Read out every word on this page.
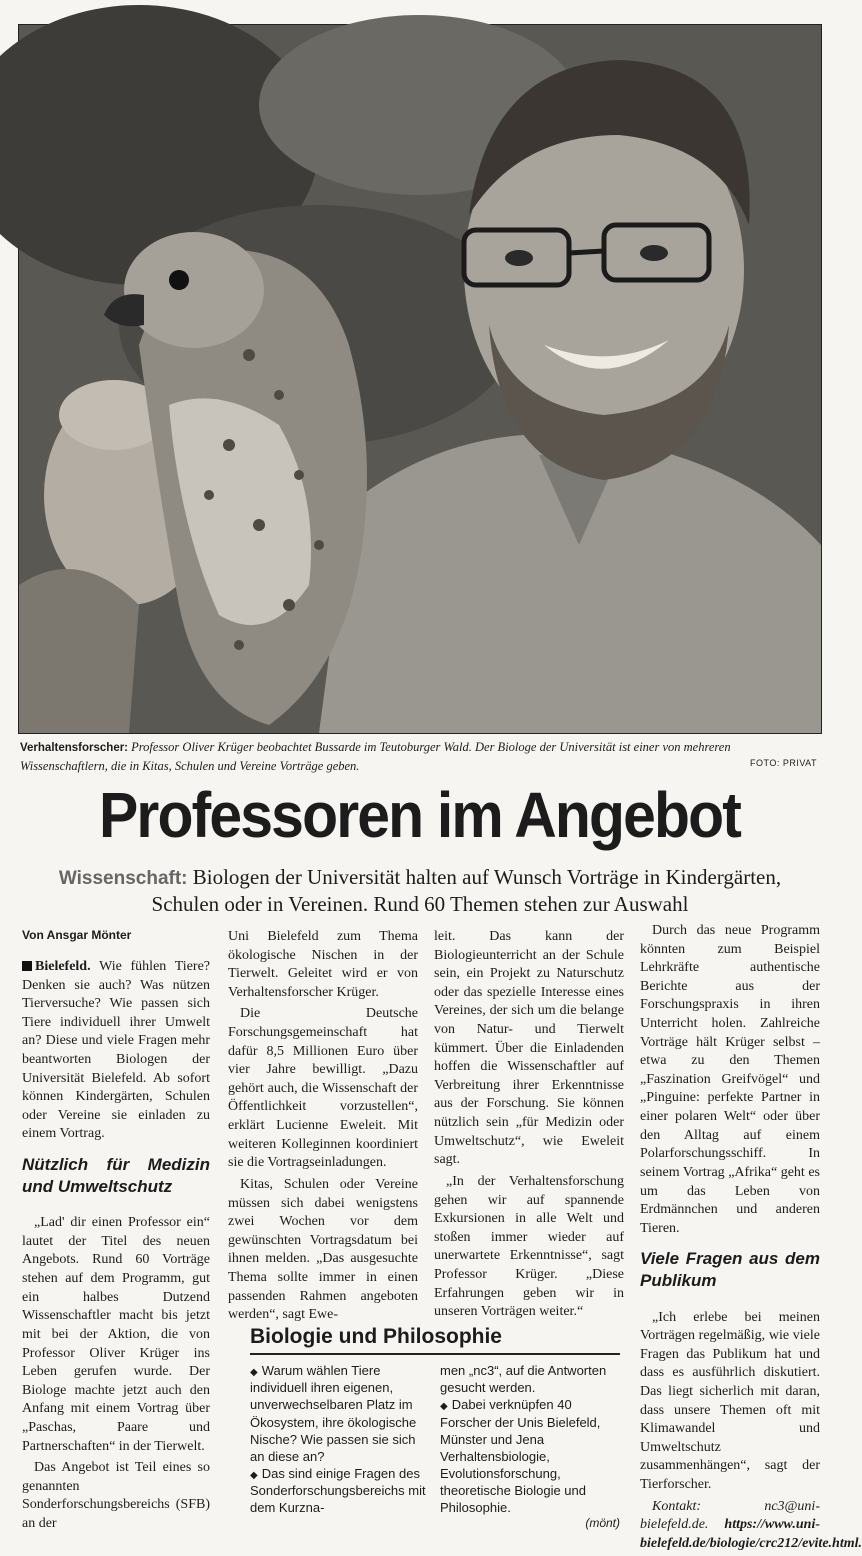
Verhaltensforscher: Professor Oliver Krüger beobachtet Bussarde im Teutoburger Wald. Der Biologe der Universität ist einer von mehreren Wissenschaftlern, die in Kitas, Schulen und Vereine Vorträge geben.	FOTO: PRIVAT
Professoren im Angebot
Wissenschaft: Biologen der Universität halten auf Wunsch Vorträge in Kindergärten,
Schulen oder in Vereinen. Rund 60 Themen stehen zur Auswahl
Von Ansgar Mönter

Bielefeld. Wie fühlen Tiere? Denken sie auch? Was nützen Tierversuche? Wie passen sich Tiere individuell ihrer Umwelt an? Diese und viele Fragen mehr beantworten Biologen der Universität Bielefeld. Ab sofort können Kindergärten, Schulen oder Vereine sie einladen zu einem Vortrag.

Nützlich für Medizin und Umweltschutz

„Lad' dir einen Professor ein“ lautet der Titel des neuen Angebots. Rund 60 Vorträge stehen auf dem Programm, gut ein halbes Dutzend Wissenschaftler macht bis jetzt mit bei der Aktion, die von Professor Oliver Krüger ins Leben gerufen wurde. Der Biologe machte jetzt auch den Anfang mit einem Vortrag über „Paschas, Paare und Partnerschaften“ in der Tierwelt.

Das Angebot ist Teil eines so genannten Sonderforschungsbereichs (SFB) an der

Uni Bielefeld zum Thema ökologische Nischen in der Tierwelt. Geleitet wird er von Verhaltensforscher Krüger.

Die Deutsche Forschungsgemeinschaft hat dafür 8,5 Millionen Euro über vier Jahre bewilligt. „Dazu gehört auch, die Wissenschaft der Öffentlichkeit vorzustellen“, erklärt Lucienne Eweleit. Mit weiteren Kolleginnen koordiniert sie die Vortragseinladungen.

Kitas, Schulen oder Vereine müssen sich dabei wenigstens zwei Wochen vor dem gewünschten Vortragsdatum bei ihnen melden. „Das ausgesuchte Thema sollte immer in einen passenden Rahmen angeboten werden“, sagt Ewe-

leit. Das kann der Biologieunterricht an der Schule sein, ein Projekt zu Naturschutz oder das spezielle Interesse eines Vereines, der sich um die belange von Natur- und Tierwelt kümmert. Über die Einladenden hoffen die Wissenschaftler auf Verbreitung ihrer Erkenntnisse aus der Forschung. Sie können nützlich sein „für Medizin oder Umweltschutz“, wie Eweleit sagt.

„In der Verhaltensforschung gehen wir auf spannende Exkursionen in alle Welt und stoßen immer wieder auf unerwartete Erkenntnisse“, sagt Professor Krüger. „Diese Erfahrungen geben wir in unseren Vorträgen weiter.“

Durch das neue Programm könnten zum Beispiel Lehrkräfte authentische Berichte aus der Forschungspraxis in ihren Unterricht holen. Zahlreiche Vorträge hält Krüger selbst – etwa zu den Themen „Faszination Greifvögel“ und „Pinguine: perfekte Partner in einer polaren Welt“ oder über den Alltag auf einem Polarforschungsschiff. In seinem Vortrag „Afrika“ geht es um das Leben von Erdmännchen und anderen Tieren.

Viele Fragen aus dem Publikum

„Ich erlebe bei meinen Vorträgen regelmäßig, wie viele Fragen das Publikum hat und dass es ausführlich diskutiert. Das liegt sicherlich mit daran, dass unsere Themen oft mit Klimawandel und Umweltschutz zusammenhängen“, sagt der Tierforscher.

Kontakt:	nc3@uni-bielefeld.de. https://www.uni-bielefeld.de/biologie/crc212/evite.html.

Biologie und Philosophie

◆ Warum wählen Tiere individuell ihren eigenen, unverwechselbaren Platz im Ökosystem, ihre ökologische Nische? Wie passen sie sich an diese an?

◆ Das sind einige Fragen des Sonderforschungsbereichs mit dem Kurzna-

men „nc3“, auf die Antworten gesucht werden.

◆ Dabei verknüpfen 40 Forscher der Unis Bielefeld, Münster und Jena Verhaltensbiologie, Evolutionsforschung, theoretische Biologie und Philosophie.

(mönt)
